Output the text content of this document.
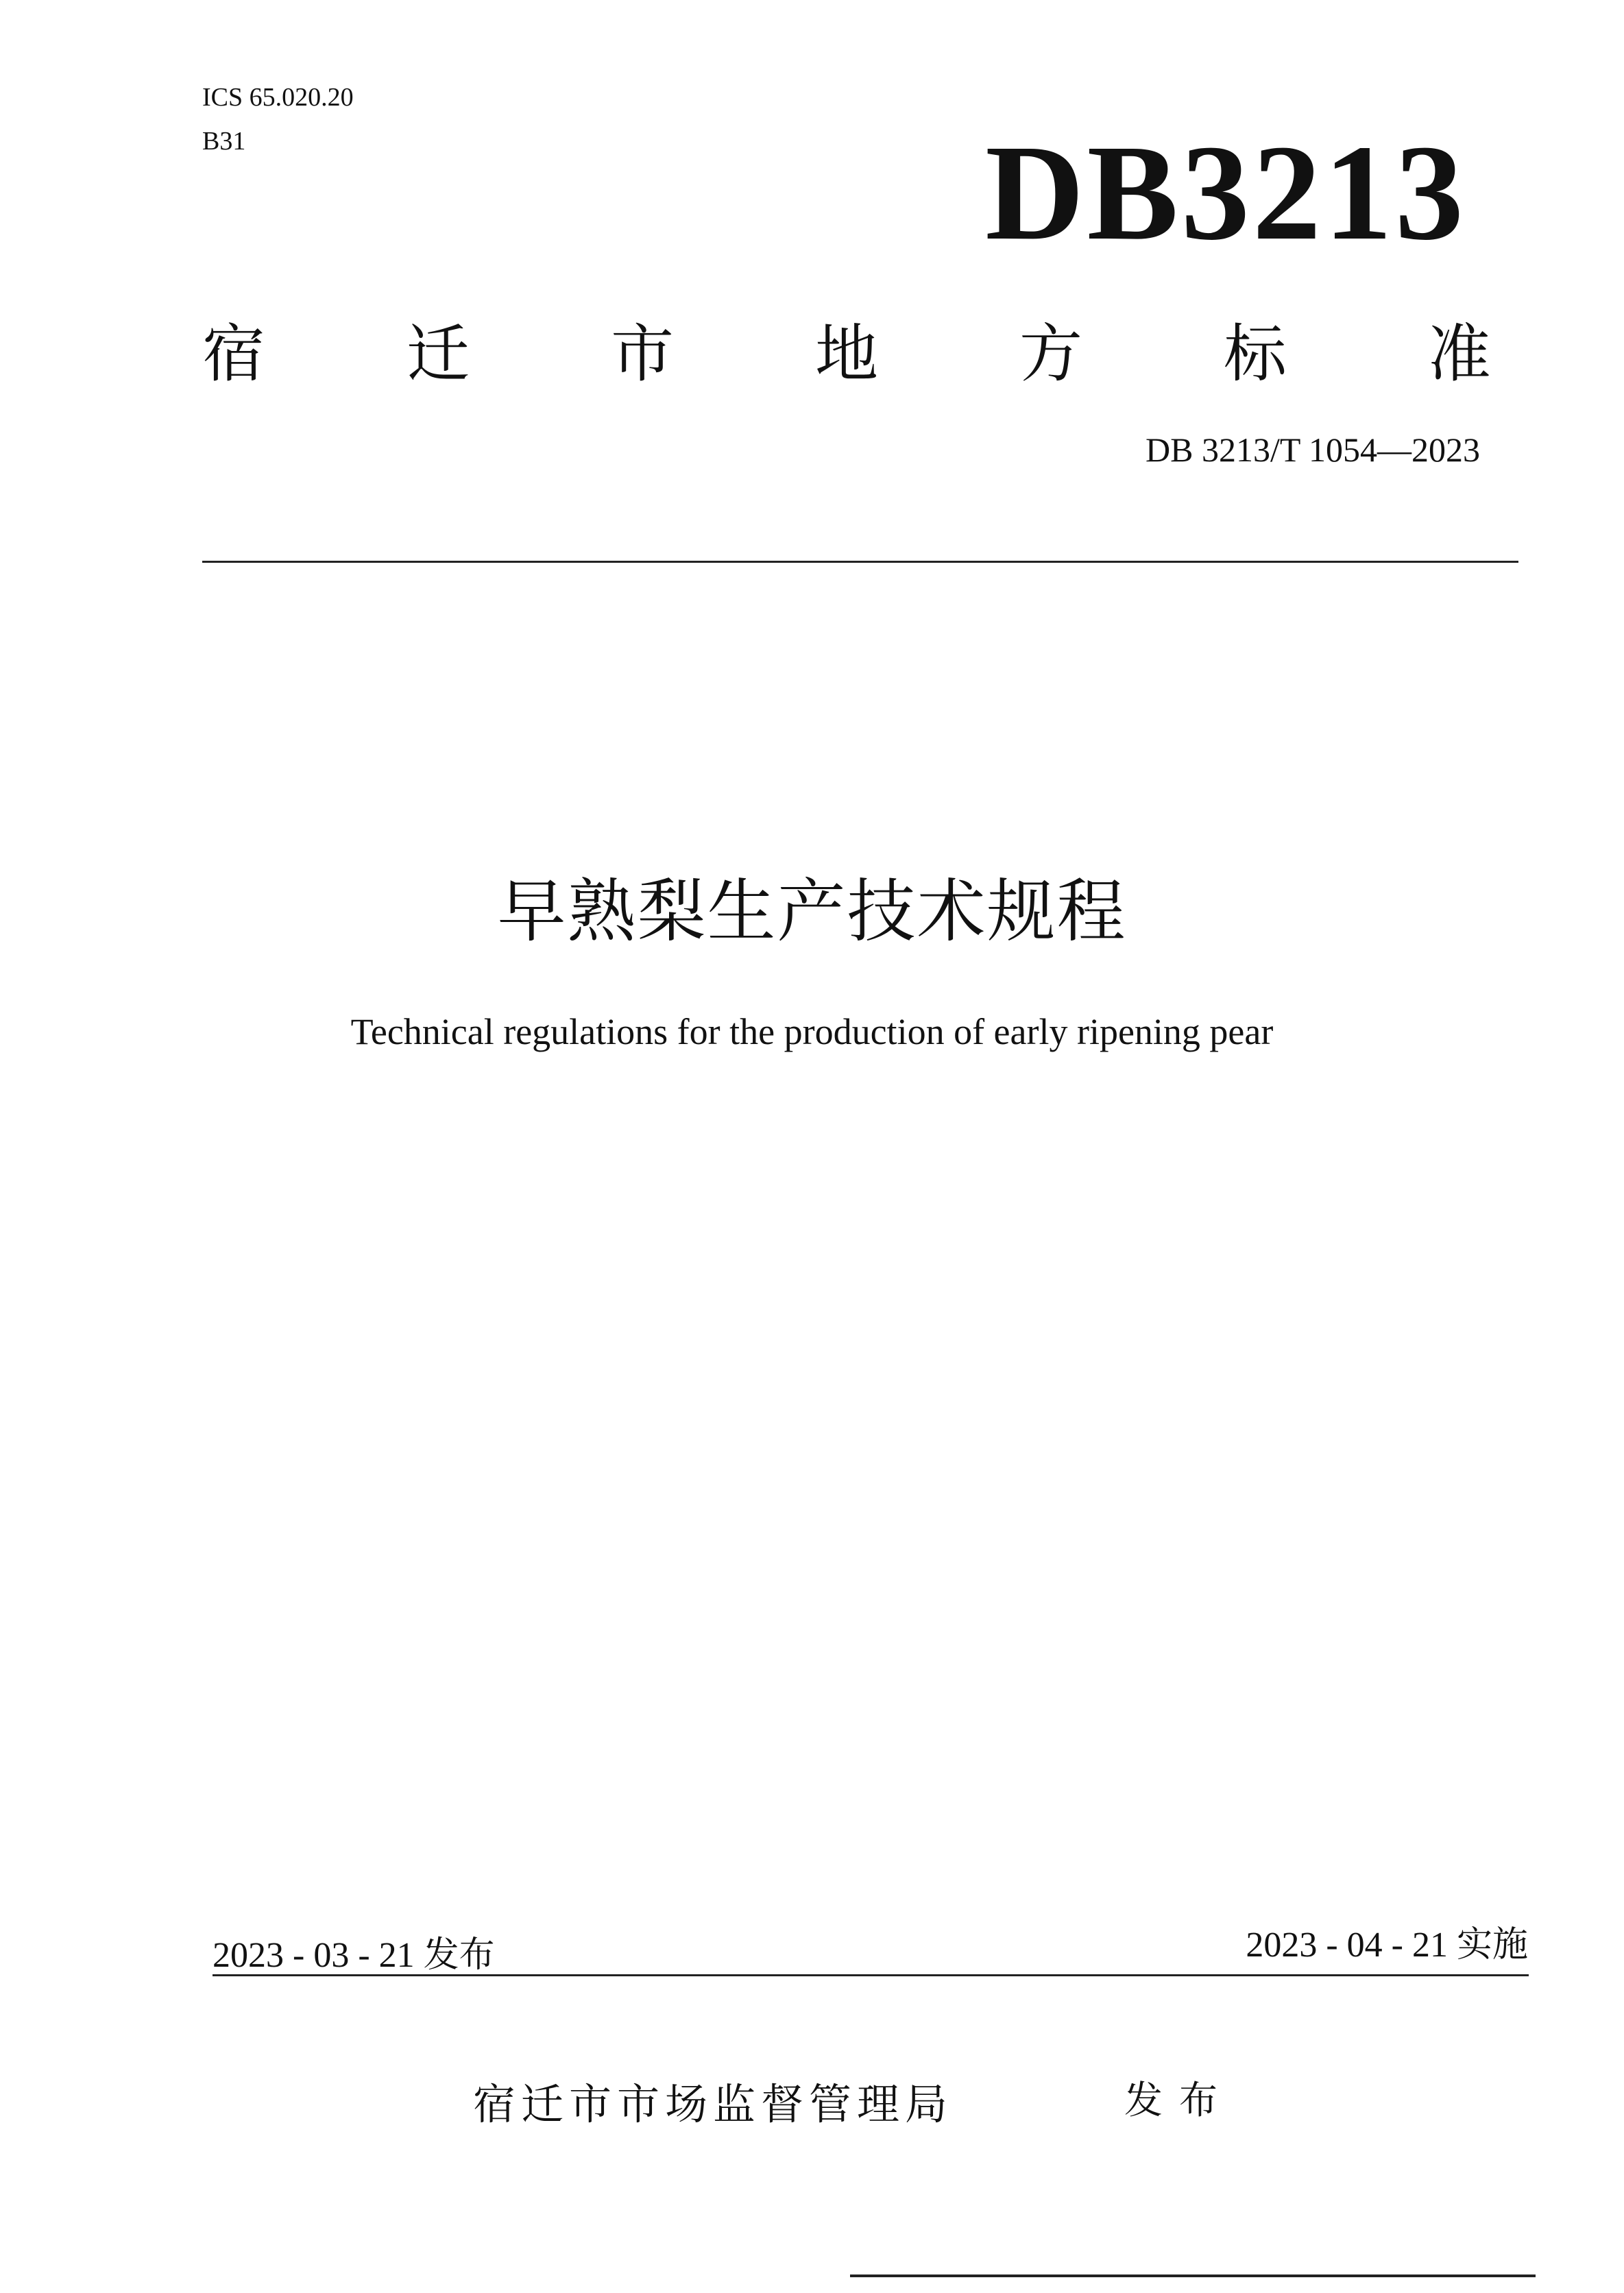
ICS 65.020.20
B31	DB3213
宿 迁 市 地 方 标 准
DB 3213/T 1054—2023
早熟梨生产技术规程
Technical regulations for the production of early ripening pear
2023 - 03 - 21 发布	2023 - 04 - 21 实施
宿迁市市场监督管理局	发布
